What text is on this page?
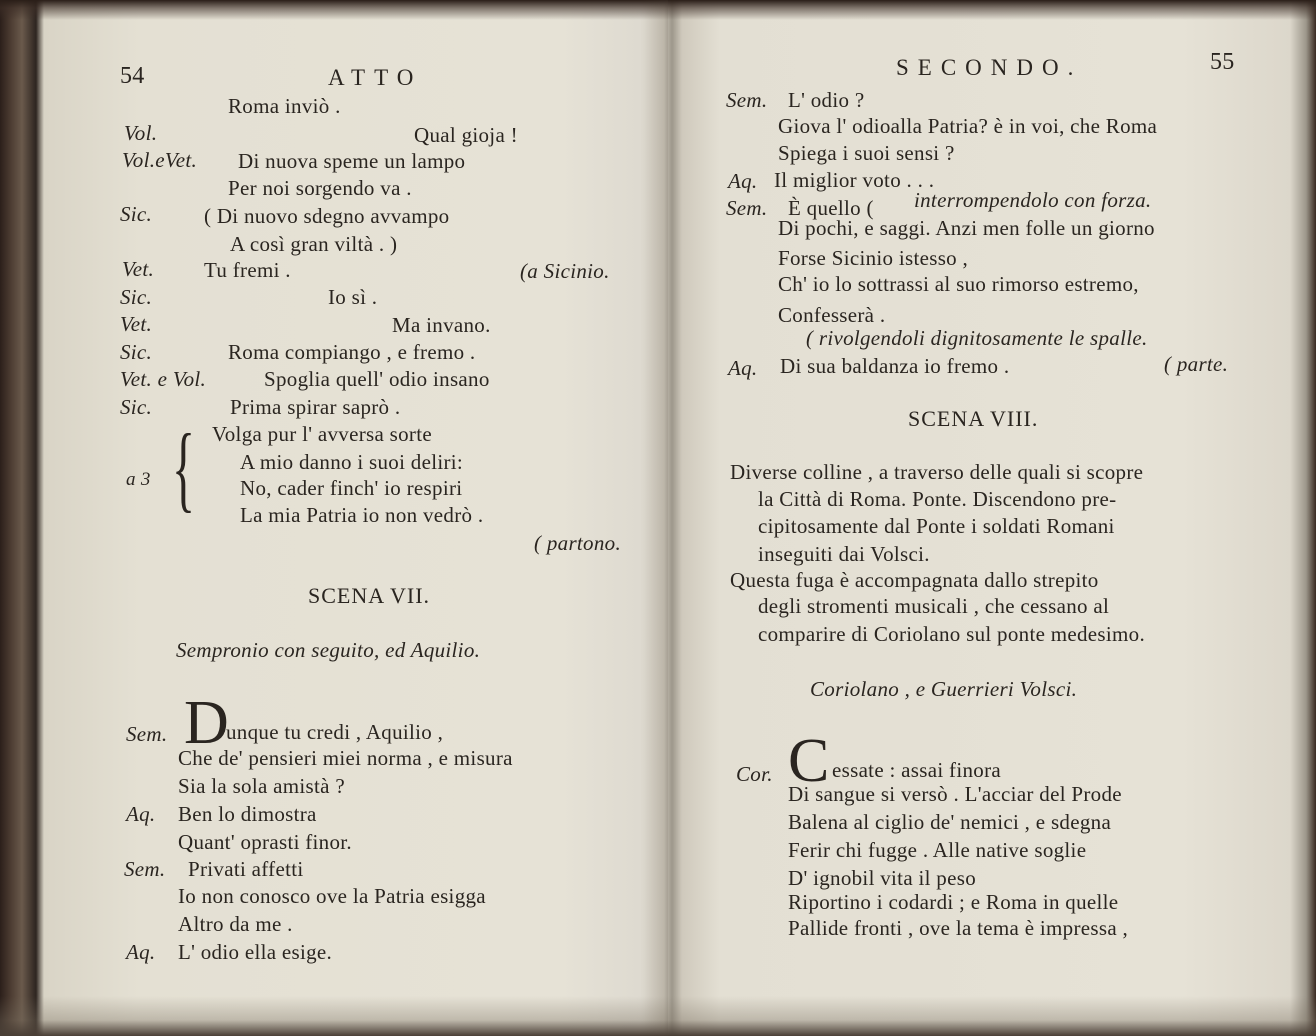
54	ATTO
Roma inviò .
Vol.	Qual gioja !
Vol.eVet. Di nuova speme un lampo
Per noi sorgendo va .
Sic. ( Di nuovo sdegno avvampo
A così gran viltà . )
Vet. Tu fremi .	(a Sicinio.
Sic.	Io sì .
Vet.	Ma invano.
Sic.	Roma compiango , e fremo .
Vet. e Vol.	Spoglia quell' odio insano
Sic.	Prima spirar saprò .
a 3 { Volga pur l' avversa sorte
A mio danno i suoi deliri:
No, cader finch' io respiri
La mia Patria io non vedrò .
( partono.
SCENA VII.
Sempronio con seguito, ed Aquilio.
Sem. D
unque tu credi , Aquilio ,
Che de' pensieri miei norma , e misura
Sia la sola amistà ?
Aq. Ben lo dimostra
Quant' oprasti finor.
Sem. Privati affetti
Io non conosco ove la Patria esigga
Altro da me .
Aq. L' odio ella esige.
SECONDO.	55
Sem. L' odio ?
Giova l' odioalla Patria? è in voi, che Roma
Spiega i suoi sensi ?
Aq. Il miglior voto . . .
Sem. È quello ( interrompendolo con forza.
Di pochi, e saggi. Anzi men folle un giorno
Forse Sicinio istesso ,
Ch' io lo sottrassi al suo rimorso estremo,
Confesserà .
( rivolgendoli dignitosamente le spalle.
Aq. Di sua baldanza io fremo .	( parte.
SCENA VIII.
Diverse colline , a traverso delle quali si scopre
la Città di Roma. Ponte. Discendono pre-
cipitosamente dal Ponte i soldati Romani
inseguiti dai Volsci.
Questa fuga è accompagnata dallo strepito
degli stromenti musicali , che cessano al
comparire di Coriolano sul ponte medesimo.
Coriolano , e Guerrieri Volsci.
Cor. C essate : assai finora
Di sangue si versò . L'acciar del Prode
Balena al ciglio de' nemici , e sdegna
Ferir chi fugge . Alle native soglie
D' ignobil vita il peso
Riportino i codardi ; e Roma in quelle
Pallide fronti , ove la tema è impressa ,
